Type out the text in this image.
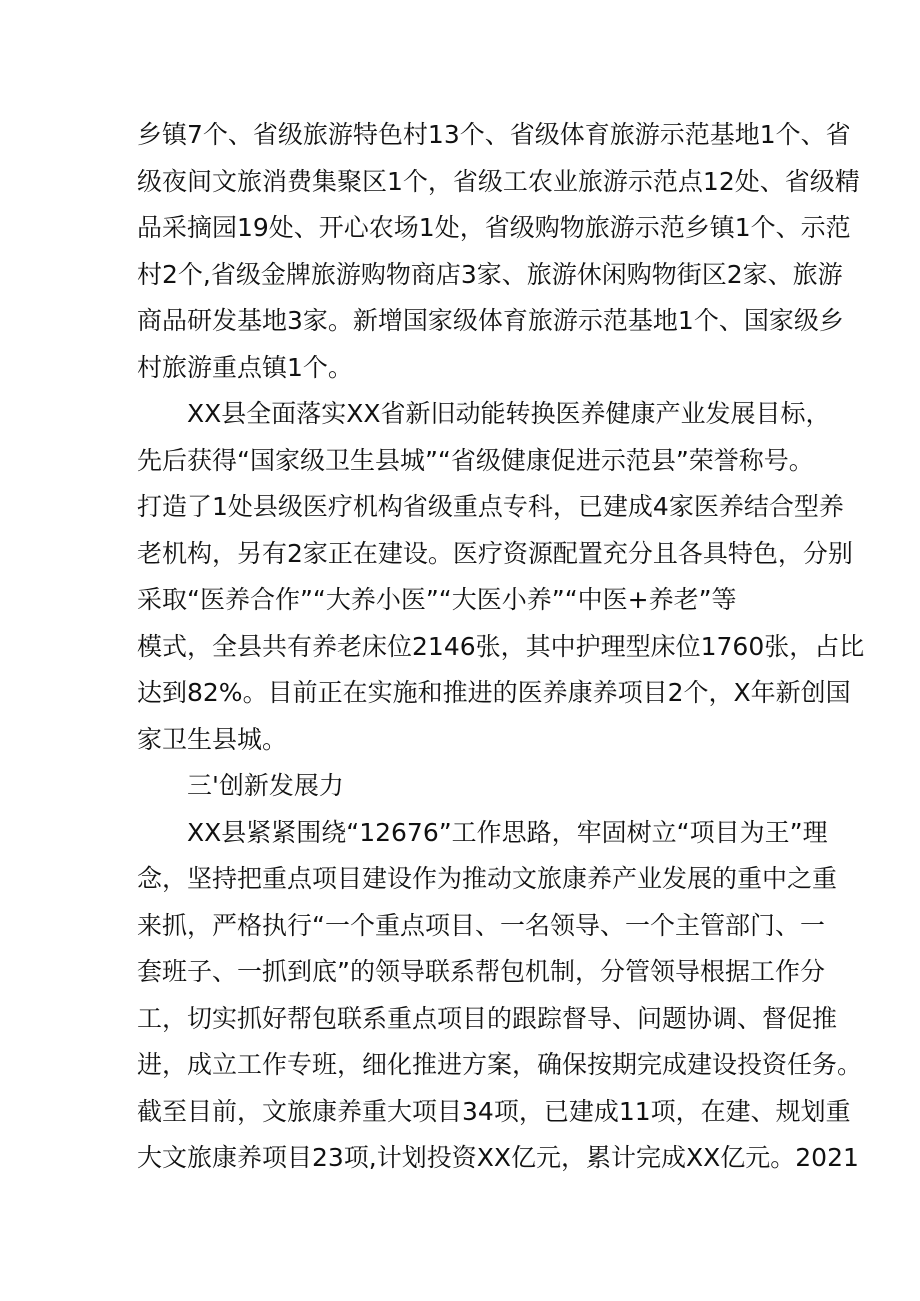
乡镇7个、省级旅游特色村13个、省级体育旅游示范基地1个、省
级夜间文旅消费集聚区1个，省级工农业旅游示范点12处、省级精
品采摘园19处、开心农场1处，省级购物旅游示范乡镇1个、示范
村2个,省级金牌旅游购物商店3家、旅游休闲购物街区2家、旅游
商品研发基地3家。新增国家级体育旅游示范基地1个、国家级乡
村旅游重点镇1个。
XX县全面落实XX省新旧动能转换医养健康产业发展目标，
先后获得“国家级卫生县城”“省级健康促进示范县”荣誉称号。
打造了1处县级医疗机构省级重点专科，已建成4家医养结合型养
老机构，另有2家正在建设。医疗资源配置充分且各具特色，分别
采取“医养合作”“大养小医”“大医小养”“中医+养老”等
模式，全县共有养老床位2146张，其中护理型床位1760张，占比
达到82%。目前正在实施和推进的医养康养项目2个，X年新创国
家卫生县城。
三'创新发展力
XX县紧紧围绕“12676”工作思路，牢固树立“项目为王”理
念，坚持把重点项目建设作为推动文旅康养产业发展的重中之重
来抓，严格执行“一个重点项目、一名领导、一个主管部门、一
套班子、一抓到底”的领导联系帮包机制，分管领导根据工作分
工，切实抓好帮包联系重点项目的跟踪督导、问题协调、督促推
进，成立工作专班，细化推进方案，确保按期完成建设投资任务。
截至目前，文旅康养重大项目34项，已建成11项，在建、规划重
大文旅康养项目23项,计划投资XX亿元，累计完成XX亿元。2021
